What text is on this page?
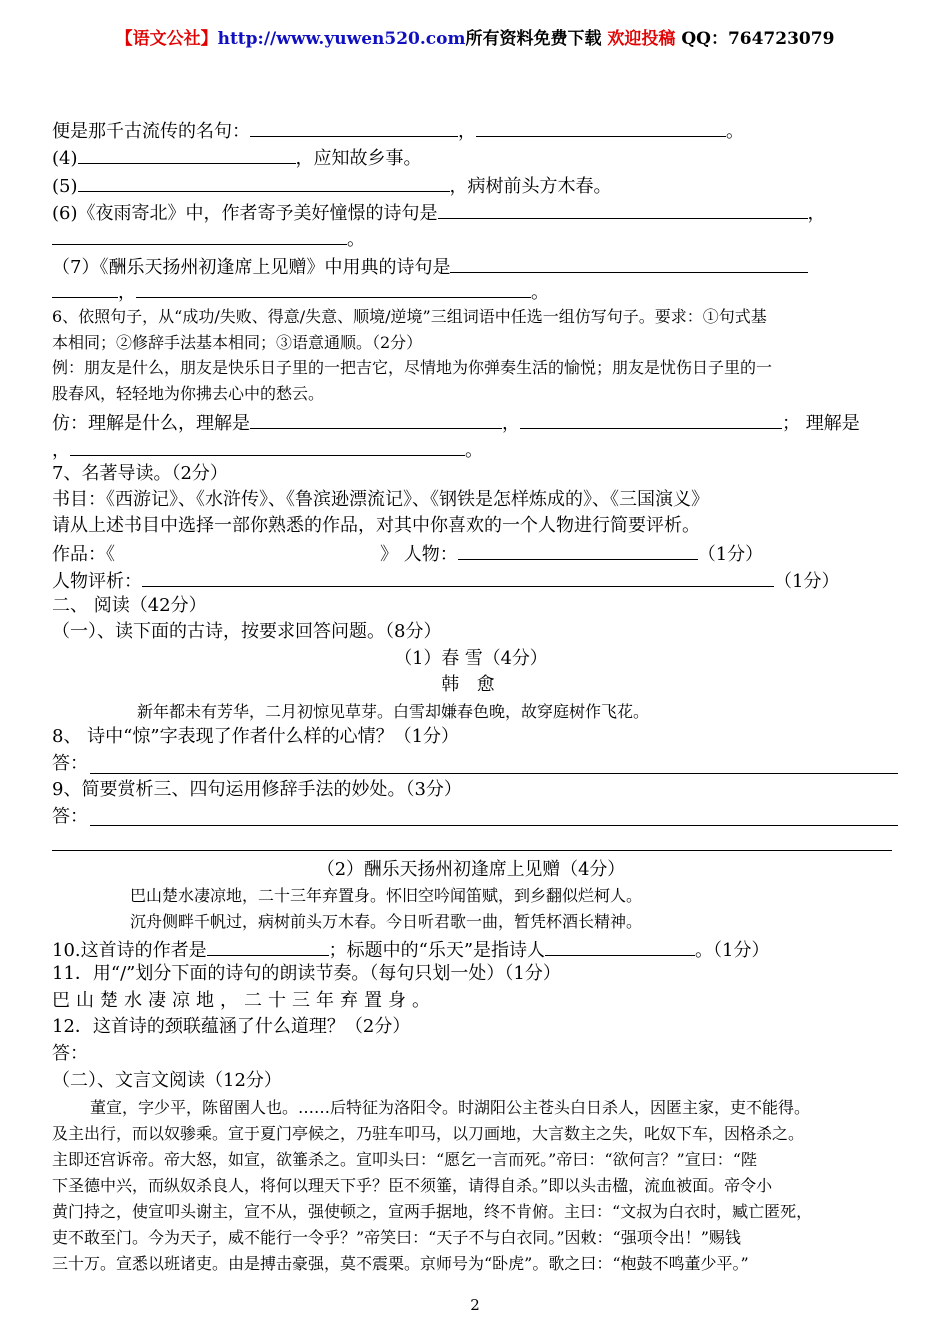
【语文公社】http://www.yuwen520.com所有资料免费下载 欢迎投稿 QQ：764723079
便是那千古流传的名句：	，	。
(4)	，应知故乡事。
(5)	，病树前头方木春。
(6)《夜雨寄北》中，作者寄予美好憧憬的诗句是	，
。
（7）《酬乐天扬州初逢席上见赠》中用典的诗句是
，	。
6、依照句子，从“成功/失败、得意/失意、顺境/逆境”三组词语中任选一组仿写句子。要求：①句式基
本相同；②修辞手法基本相同；③语意通顺。（2分）
例：朋友是什么，朋友是快乐日子里的一把吉它，尽情地为你弹奏生活的愉悦；朋友是忧伤日子里的一
股春风，轻轻地为你拂去心中的愁云。
仿：理解是什么，理解是	，	； 理解是
，	。
7、名著导读。（2分）
书目：《西游记》、《水浒传》、《鲁滨逊漂流记》、《钢铁是怎样炼成的》、《三国演义》
请从上述书目中选择一部你熟悉的作品，对其中你喜欢的一个人物进行简要评析。
作品：《	》 人物：	（1分）
人物评析：	（1分）
二、 阅读（42分）
（一）、读下面的古诗，按要求回答问题。（8分）
（1）春 雪（4分）
韩 愈
新年都未有芳华，二月初惊见草芽。白雪却嫌春色晚，故穿庭树作飞花。
8、 诗中“惊”字表现了作者什么样的心情？（1分）
答：
9、简要赏析三、四句运用修辞手法的妙处。（3分）
答：
（2）酬乐天扬州初逢席上见赠（4分）
巴山楚水凄凉地，二十三年弃置身。怀旧空吟闻笛赋，到乡翻似烂柯人。
沉舟侧畔千帆过，病树前头万木春。今日听君歌一曲，暂凭杯酒长精神。
10.这首诗的作者是	；标题中的“乐天”是指诗人	。（1分）
11．用“/”划分下面的诗句的朗读节奏。（每句只划一处）（1分）
巴山楚水凄凉地，二十三年弃置身。
12．这首诗的颈联蕴涵了什么道理？（2分）
答：
（二）、文言文阅读（12分）
董宣，字少平，陈留圉人也。……后特征为洛阳令。时湖阳公主苍头白日杀人，因匿主家，吏不能得。
及主出行，而以奴骖乘。宣于夏门亭候之，乃驻车叩马，以刀画地，大言数主之失，叱奴下车，因格杀之。
主即还宫诉帝。帝大怒，如宣，欲箠杀之。宣叩头曰：“愿乞一言而死。”帝曰：“欲何言？”宣曰：“陛
下圣德中兴，而纵奴杀良人，将何以理天下乎？臣不须箠，请得自杀。”即以头击楹，流血被面。帝令小
黄门持之，使宣叩头谢主，宣不从，强使顿之，宣两手据地，终不肯俯。主曰：“文叔为白衣时，臧亡匿死，
吏不敢至门。今为天子，威不能行一令乎？”帝笑曰：“天子不与白衣同。”因敕：“强项令出！”赐钱
三十万。宣悉以班诸吏。由是搏击豪强，莫不震栗。京师号为“卧虎”。歌之曰：“枹鼓不鸣董少平。”
2
